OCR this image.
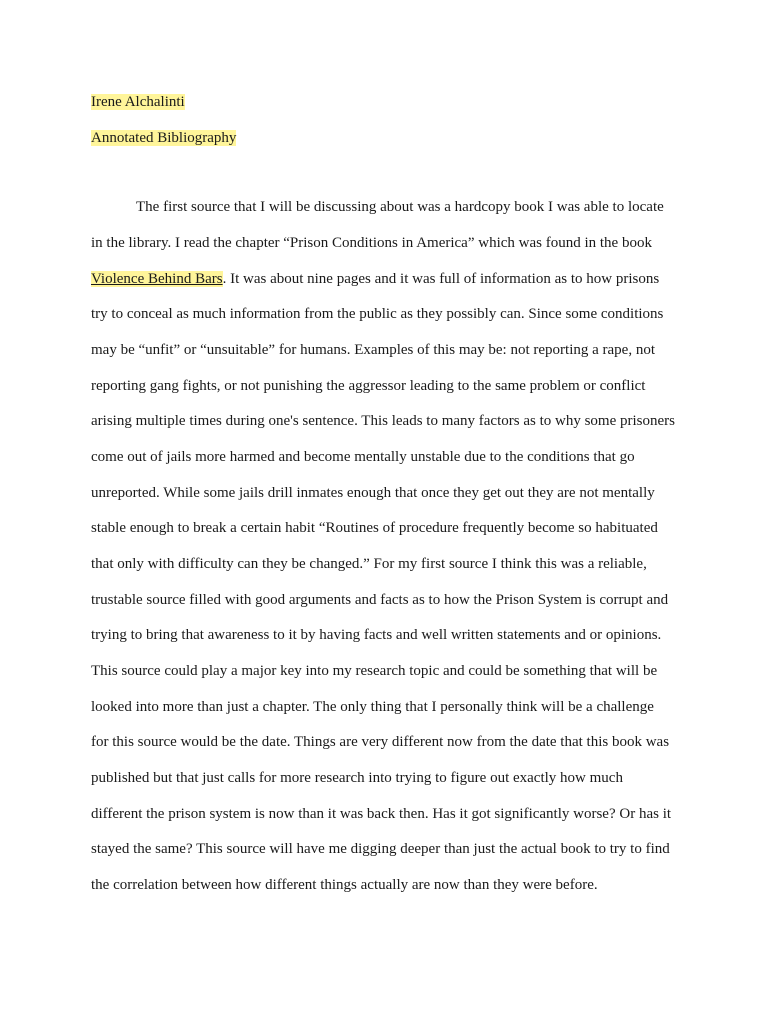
Irene Alchalinti
Annotated Bibliography
The first source that I will be discussing about was a hardcopy book I was able to locate
in the library. I read the chapter “Prison Conditions in America” which was found in the book
Violence Behind Bars. It was about nine pages and it was full of information as to how prisons
try to conceal as much information from the public as they possibly can. Since some conditions
may be “unfit” or “unsuitable” for humans. Examples of this may be: not reporting a rape, not
reporting gang fights, or not punishing the aggressor leading to the same problem or conflict
arising multiple times during one's sentence. This leads to many factors as to why some prisoners
come out of jails more harmed and become mentally unstable due to the conditions that go
unreported. While some jails drill inmates enough that once they get out they are not mentally
stable enough to break a certain habit “Routines of procedure frequently become so habituated
that only with difficulty can they be changed.” For my first source I think this was a reliable,
trustable source filled with good arguments and facts as to how the Prison System is corrupt and
trying to bring that awareness to it by having facts and well written statements and or opinions.
This source could play a major key into my research topic and could be something that will be
looked into more than just a chapter. The only thing that I personally think will be a challenge
for this source would be the date. Things are very different now from the date that this book was
published but that just calls for more research into trying to figure out exactly how much
different the prison system is now than it was back then. Has it got significantly worse? Or has it
stayed the same? This source will have me digging deeper than just the actual book to try to find
the correlation between how different things actually are now than they were before.
